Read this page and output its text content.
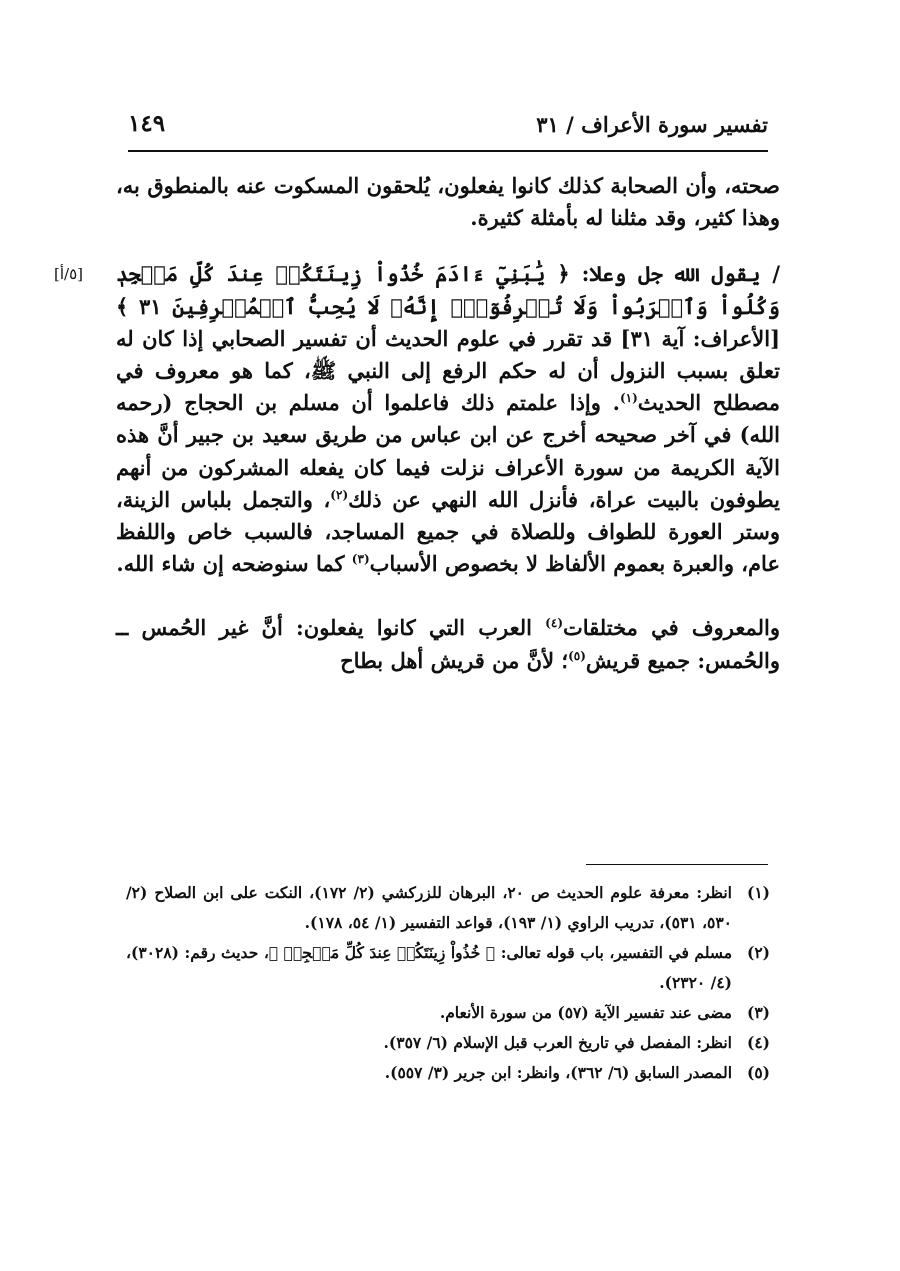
تفسير سورة الأعراف / ٣١
١٤٩

صحته، وأن الصحابة كذلك كانوا يفعلون، يُلحقون المسكوت عنه بالمنطوق به، وهذا كثير، وقد مثلنا له بأمثلة كثيرة.

[٥/أ] / يقول الله جل وعلا: ﴿ يَٰبَنِيٓ ءَادَمَ خُذُواْ زِينَتَكُمۡ عِندَ كُلِّ مَسۡجِدٖ وَكُلُواْ وَٱشۡرَبُواْ وَلَا تُسۡرِفُوٓاْۚ إِنَّهُۥ لَا يُحِبُّ ٱلۡمُسۡرِفِينَ ٣١ ﴾ [الأعراف: آية ٣١] قد تقرر في علوم الحديث أن تفسير الصحابي إذا كان له تعلق بسبب النزول أن له حكم الرفع إلى النبي ﷺ، كما هو معروف في مصطلح الحديث$^{(١)}$. وإذا علمتم ذلك فاعلموا أن مسلم بن الحجاج (رحمه الله) في آخر صحيحه أخرج عن ابن عباس من طريق سعيد بن جبير أنَّ هذه الآية الكريمة من سورة الأعراف نزلت فيما كان يفعله المشركون من أنهم يطوفون بالبيت عراة، فأنزل الله النهي عن ذلك$^{(٢)}$، والتجمل بلباس الزينة، وستر العورة للطواف وللصلاة في جميع المساجد، فالسبب خاص واللفظ عام، والعبرة بعموم الألفاظ لا بخصوص الأسباب$^{(٣)}$ كما سنوضحه إن شاء الله.

والمعروف في مختلقات$^{(٤)}$ العرب التي كانوا يفعلون: أنَّ غير الحُمس ــ والحُمس: جميع قريش$^{(٥)}$؛ لأنَّ من قريش أهل بطاح

(١)
انظر: معرفة علوم الحديث ص ٢٠، البرهان للزركشي (٢/ ١٧٢)، النكت على ابن الصلاح (٢/ ٥٣٠، ٥٣١)، تدريب الراوي (١/ ١٩٣)، قواعد التفسير (١/ ٥٤، ١٧٨).

(٢)
مسلم في التفسير، باب قوله تعالى: ﴿ خُذُواْ زِينَتَكُمۡ عِندَ كُلِّ مَسۡجِدٖ ﴾، حديث رقم: (٣٠٢٨)، (٤/ ٢٣٢٠).

(٣)
مضى عند تفسير الآية (٥٧) من سورة الأنعام.

(٤)
انظر: المفصل في تاريخ العرب قبل الإسلام (٦/ ٣٥٧).

(٥)
المصدر السابق (٦/ ٣٦٢)، وانظر: ابن جرير (٣/ ٥٥٧).
